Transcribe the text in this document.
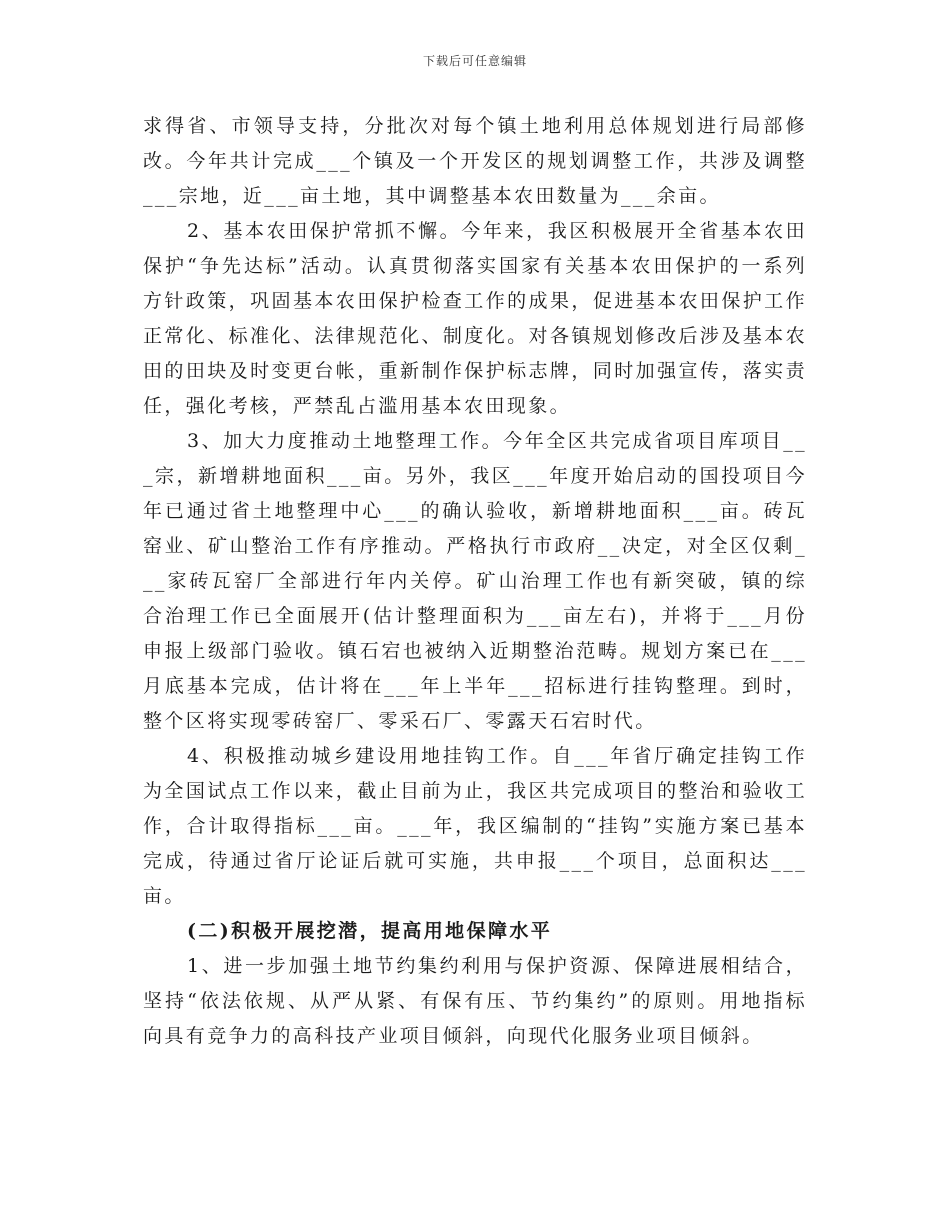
下载后可任意编辑

求得省、市领导支持，分批次对每个镇土地利用总体规划进行局部修改。今年共计完成___个镇及一个开发区的规划调整工作，共涉及调整___宗地，近___亩土地，其中调整基本农田数量为___余亩。

2、基本农田保护常抓不懈。今年来，我区积极展开全省基本农田保护“争先达标”活动。认真贯彻落实国家有关基本农田保护的一系列方针政策，巩固基本农田保护检查工作的成果，促进基本农田保护工作正常化、标准化、法律规范化、制度化。对各镇规划修改后涉及基本农田的田块及时变更台帐，重新制作保护标志牌，同时加强宣传，落实责任，强化考核，严禁乱占滥用基本农田现象。

3、加大力度推动土地整理工作。今年全区共完成省项目库项目___宗，新增耕地面积___亩。另外，我区___年度开始启动的国投项目今年已通过省土地整理中心___的确认验收，新增耕地面积___亩。砖瓦窑业、矿山整治工作有序推动。严格执行市政府__决定，对全区仅剩___家砖瓦窑厂全部进行年内关停。矿山治理工作也有新突破，镇的综合治理工作已全面展开(估计整理面积为___亩左右)，并将于___月份申报上级部门验收。镇石宕也被纳入近期整治范畴。规划方案已在___月底基本完成，估计将在___年上半年___招标进行挂钩整理。到时，整个区将实现零砖窑厂、零采石厂、零露天石宕时代。

4、积极推动城乡建设用地挂钩工作。自___年省厅确定挂钩工作为全国试点工作以来，截止目前为止，我区共完成项目的整治和验收工作，合计取得指标___亩。___年，我区编制的“挂钩”实施方案已基本完成，待通过省厅论证后就可实施，共申报___个项目，总面积达___亩。

(二)积极开展挖潜，提高用地保障水平

1、进一步加强土地节约集约利用与保护资源、保障进展相结合，坚持“依法依规、从严从紧、有保有压、节约集约”的原则。用地指标向具有竞争力的高科技产业项目倾斜，向现代化服务业项目倾斜。
